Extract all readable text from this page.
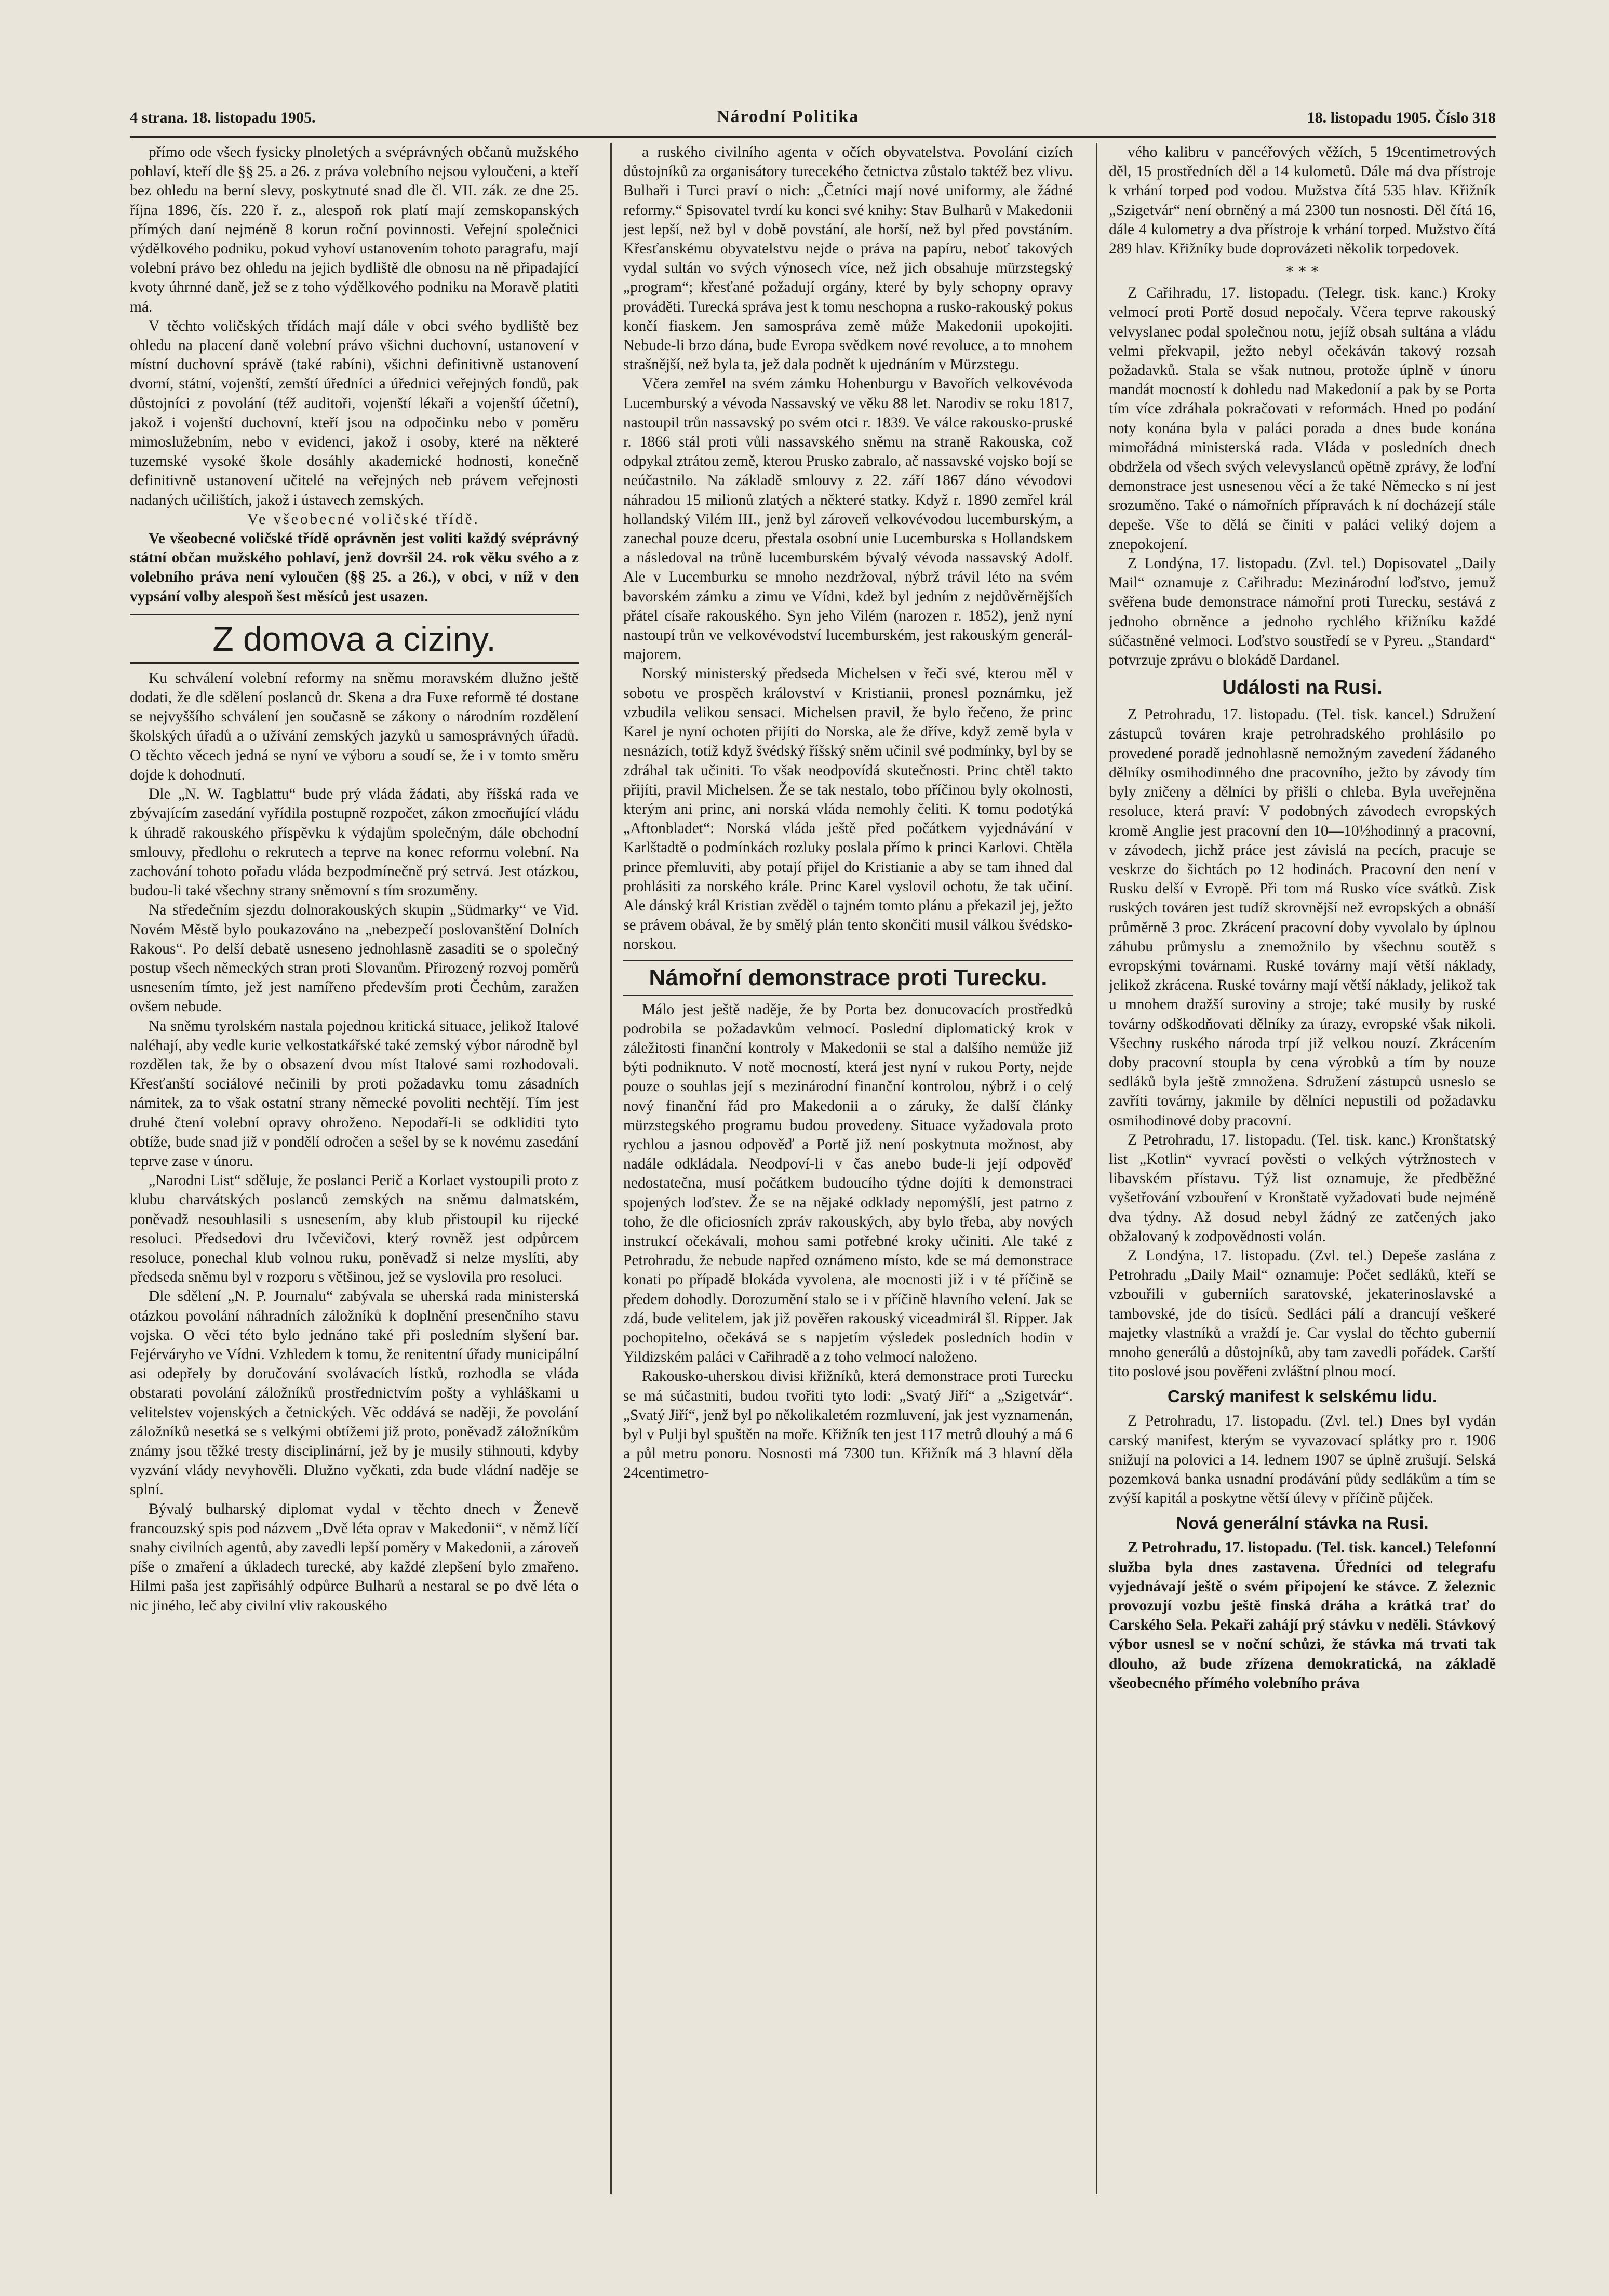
4 strana. 18. listopadu 1905.	Národní Politika	18. listopadu 1905. Číslo 318

přímo ode všech fysicky plnoletých a svéprávných občanů mužského pohlaví, kteří dle §§ 25. a 26. z práva volebního nejsou vyloučeni, a kteří bez ohledu na berní slevy, poskytnuté snad dle čl. VII. zák. ze dne 25. října 1896, čís. 220 ř. z., alespoň rok platí mají zemskopanských přímých daní nejméně 8 korun roční povinnosti. Veřejní společnici výdělkového podniku, pokud vyhoví ustanovením tohoto paragrafu, mají volební právo bez ohledu na jejich bydliště dle obnosu na ně připadající kvoty úhrnné daně, jež se z toho výdělkového podniku na Moravě platiti má.

V těchto voličských třídách mají dále v obci svého bydliště bez ohledu na placení daně volební právo všichni duchovní, ustanovení v místní duchovní správě (také rabíni), všichni definitivně ustanovení dvorní, státní, vojenští, zemští úředníci a úřednici veřejných fondů, pak důstojníci z povolání (též auditoři, vojenští lékaři a vojenští účetní), jakož i vojenští duchovní, kteří jsou na odpočinku nebo v poměru mimoslužebním, nebo v evidenci, jakož i osoby, které na některé tuzemské vysoké škole dosáhly akademické hodnosti, konečně definitivně ustanovení učitelé na veřejných neb právem veřejnosti nadaných učilištích, jakož i ústavech zemských.

Ve všeobecné voličské třídě.

Ve všeobecné voličské třídě oprávněn jest voliti každý svéprávný státní občan mužského pohlaví, jenž dovršil 24. rok věku svého a z volebního práva není vyloučen (§§ 25. a 26.), v obci, v níž v den vypsání volby alespoň šest měsíců jest usazen.

Z domova a ciziny.

Ku schválení volební reformy na sněmu moravském dlužno ještě dodati, že dle sdělení poslanců dr. Skena a dra Fuxe reformě té dostane se nejvyššího schválení jen současně se zákony o národním rozdělení školských úřadů a o užívání zemských jazyků u samosprávných úřadů. O těchto věcech jedná se nyní ve výboru a soudí se, že i v tomto směru dojde k dohodnutí.

Dle „N. W. Tagblattu“ bude prý vláda žádati, aby říšská rada ve zbývajícím zasedání vyřídila postupně rozpočet, zákon zmocňující vládu k úhradě rakouského příspěvku k výdajům společným, dále obchodní smlouvy, předlohu o rekrutech a teprve na konec reformu volební. Na zachování tohoto pořadu vláda bezpodmínečně prý setrvá. Jest otázkou, budou-li také všechny strany sněmovní s tím srozuměny.

Na středečním sjezdu dolnorakouských skupin „Südmarky“ ve Vid. Novém Městě bylo poukazováno na „nebezpečí poslovanštění Dolních Rakous“. Po delší debatě usneseno jednohlasně zasaditi se o společný postup všech německých stran proti Slovanům. Přirozený rozvoj poměrů usnesením tímto, jež jest namířeno především proti Čechům, zaražen ovšem nebude.

Na sněmu tyrolském nastala pojednou kritická situace, jelikož Italové naléhají, aby vedle kurie velkostatkářské také zemský výbor národně byl rozdělen tak, že by o obsazení dvou míst Italové sami rozhodovali. Křesťanští sociálové nečinili by proti požadavku tomu zásadních námitek, za to však ostatní strany německé povoliti nechtějí. Tím jest druhé čtení volební opravy ohroženo. Nepodaří-li se odkliditi tyto obtíže, bude snad již v pondělí odročen a sešel by se k novému zasedání teprve zase v únoru.

„Narodni List“ sděluje, že poslanci Perič a Korlaet vystoupili proto z klubu charvátských poslanců zemských na sněmu dalmatském, poněvadž nesouhlasili s usnesením, aby klub přistoupil ku rijecké resoluci. Předsedovi dru Ivčevičovi, který rovněž jest odpůrcem resoluce, ponechal klub volnou ruku, poněvadž si nelze myslíti, aby předseda sněmu byl v rozporu s většinou, jež se vyslovila pro resoluci.

Dle sdělení „N. P. Journalu“ zabývala se uherská rada ministerská otázkou povolání náhradních záložníků k doplnění presenčního stavu vojska. O věci této bylo jednáno také při posledním slyšení bar. Fejérváryho ve Vídni. Vzhledem k tomu, že renitentní úřady municipální asi odepřely by doručování svolávacích lístků, rozhodla se vláda obstarati povolání záložníků prostřednictvím pošty a vyhláškami u velitelstev vojenských a četnických. Věc oddává se naději, že povolání záložníků nesetká se s velkými obtížemi již proto, poněvadž záložníkům známy jsou těžké tresty disciplinární, jež by je musily stihnouti, kdyby vyzvání vlády nevyhověli. Dlužno vyčkati, zda bude vládní naděje se splní.

Bývalý bulharský diplomat vydal v těchto dnech v Ženevě francouzský spis pod názvem „Dvě léta oprav v Makedonii“, v němž líčí snahy civilních agentů, aby zavedli lepší poměry v Makedonii, a zároveň píše o zmaření a úkladech turecké, aby každé zlepšení bylo zmařeno. Hilmi paša jest zapřisáhlý odpůrce Bulharů a nestaral se po dvě léta o nic jiného, leč aby civilní vliv rakouského

a ruského civilního agenta v očích obyvatelstva. Povolání cizích důstojníků za organisátory turecekého četnictva zůstalo taktéž bez vlivu. Bulhaři i Turci praví o nich: „Četníci mají nové uniformy, ale žádné reformy.“ Spisovatel tvrdí ku konci své knihy: Stav Bulharů v Makedonii jest lepší, než byl v době povstání, ale horší, než byl před povstáním. Křesťanskému obyvatelstvu nejde o práva na papíru, neboť takových vydal sultán vo svých výnosech více, než jich obsahuje mürzstegský „program“; křesťané požadují orgány, které by byly schopny opravy prováděti. Turecká správa jest k tomu neschopna a rusko-rakouský pokus končí fiaskem. Jen samospráva země může Makedonii upokojiti. Nebude-li brzo dána, bude Evropa svědkem nové revoluce, a to mnohem strašnější, než byla ta, jež dala podnět k ujednáním v Mürzstegu.

Včera zemřel na svém zámku Hohenburgu v Bavořích velkovévoda Lucemburský a vévoda Nassavský ve věku 88 let. Narodiv se roku 1817, nastoupil trůn nassavský po svém otci r. 1839. Ve válce rakousko-pruské r. 1866 stál proti vůli nassavského sněmu na straně Rakouska, což odpykal ztrátou země, kterou Prusko zabralo, ač nassavské vojsko bojí se neúčastnilo. Na základě smlouvy z 22. září 1867 dáno vévodovi náhradou 15 milionů zlatých a některé statky. Když r. 1890 zemřel král hollandský Vilém III., jenž byl zároveň velkovévodou lucemburským, a zanechal pouze dceru, přestala osobní unie Lucemburska s Hollandskem a následoval na trůně lucemburském bývalý vévoda nassavský Adolf. Ale v Lucemburku se mnoho nezdržoval, nýbrž trávil léto na svém bavorském zámku a zimu ve Vídni, kdež byl jedním z nejdůvěrnějších přátel císaře rakouského. Syn jeho Vilém (narozen r. 1852), jenž nyní nastoupí trůn ve velkovévodství lucemburském, jest rakouským generál-majorem.

Norský ministerský předseda Michelsen v řeči své, kterou měl v sobotu ve prospěch království v Kristianii, pronesl poznámku, jež vzbudila velikou sensaci. Michelsen pravil, že bylo řečeno, že princ Karel je nyní ochoten přijíti do Norska, ale že dříve, když země byla v nesnázích, totiž když švédský říšský sněm učinil své podmínky, byl by se zdráhal tak učiniti. To však neodpovídá skutečnosti. Princ chtěl takto přijíti, pravil Michelsen. Že se tak nestalo, tobo příčinou byly okolnosti, kterým ani princ, ani norská vláda nemohly čeliti. K tomu podotýká „Aftonbladet“: Norská vláda ještě před počátkem vyjednávání v Karlštadtě o podmínkách rozluky poslala přímo k princi Karlovi. Chtěla prince přemluviti, aby potají přijel do Kristianie a aby se tam ihned dal prohlásiti za norského krále. Princ Karel vyslovil ochotu, že tak učiní. Ale dánský král Kristian zvěděl o tajném tomto plánu a překazil jej, ježto se právem obával, že by smělý plán tento skončiti musil válkou švédsko-norskou.

Námořní demonstrace proti Turecku.

Málo jest ještě naděje, že by Porta bez donucovacích prostředků podrobila se požadavkům velmocí. Poslední diplomatický krok v záležitosti finanční kontroly v Makedonii se stal a dalšího nemůže již býti podniknuto. V notě mocností, která jest nyní v rukou Porty, nejde pouze o souhlas její s mezinárodní finanční kontrolou, nýbrž i o celý nový finanční řád pro Makedonii a o záruky, že další články mürzstegského programu budou provedeny. Situace vyžadovala proto rychlou a jasnou odpověď a Portě již není poskytnuta možnost, aby nadále odkládala. Neodpoví-li v čas anebo bude-li její odpověď nedostatečna, musí počátkem budoucího týdne dojíti k demonstraci spojených loďstev. Že se na nějaké odklady nepomýšlí, jest patrno z toho, že dle oficiosních zpráv rakouských, aby bylo třeba, aby nových instrukcí očekávali, mohou sami potřebné kroky učiniti. Ale také z Petrohradu, že nebude napřed oznámeno místo, kde se má demonstrace konati po případě blokáda vyvolena, ale mocnosti již i v té příčině se předem dohodly. Dorozumění stalo se i v příčině hlavního velení. Jak se zdá, bude velitelem, jak již pověřen rakouský viceadmirál šl. Ripper. Jak pochopitelno, očekává se s napjetím výsledek posledních hodin v Yildizském paláci v Cařihradě a z toho velmocí naloženo.

Rakousko-uherskou divisi křižníků, která demonstrace proti Turecku se má súčastniti, budou tvořiti tyto lodi: „Svatý Jiří“ a „Szigetvár“. „Svatý Jiří“, jenž byl po několikaletém rozmluvení, jak jest vyznamenán, byl v Pulji byl spuštěn na moře. Křižník ten jest 117 metrů dlouhý a má 6 a půl metru ponoru. Nosnosti má 7300 tun. Křižník má 3 hlavní děla 24centimetro-

vého kalibru v pancéřových věžích, 5 19centimetrových děl, 15 prostředních děl a 14 kulometů. Dále má dva přístroje k vrhání torped pod vodou. Mužstva čítá 535 hlav. Křižník „Szigetvár“ není obrněný a má 2300 tun nosnosti. Děl čítá 16, dále 4 kulometry a dva přístroje k vrhání torped. Mužstvo čítá 289 hlav. Křižníky bude doprovázeti několik torpedovek.

* * *

Z Cařihradu, 17. listopadu. (Telegr. tisk. kanc.) Kroky velmocí proti Portě dosud nepočaly. Včera teprve rakouský velvyslanec podal společnou notu, jejíž obsah sultána a vládu velmi překvapil, ježto nebyl očekáván takový rozsah požadavků. Stala se však nutnou, protože úplně v únoru mandát mocností k dohledu nad Makedonií a pak by se Porta tím více zdráhala pokračovati v reformách. Hned po podání noty konána byla v paláci porada a dnes bude konána mimořádná ministerská rada. Vláda v posledních dnech obdržela od všech svých velevyslanců opětně zprávy, že loďní demonstrace jest usnesenou věcí a že také Německo s ní jest srozuměno. Také o námořních přípravách k ní docházejí stále depeše. Vše to dělá se činiti v paláci veliký dojem a znepokojení.

Z Londýna, 17. listopadu. (Zvl. tel.) Dopisovatel „Daily Mail“ oznamuje z Cařihradu: Mezinárodní loďstvo, jemuž svěřena bude demonstrace námořní proti Turecku, sestává z jednoho obrněnce a jednoho rychlého křižníku každé súčastněné velmoci. Loďstvo soustředí se v Pyreu. „Standard“ potvrzuje zprávu o blokádě Dardanel.

Události na Rusi.

Z Petrohradu, 17. listopadu. (Tel. tisk. kancel.) Sdružení zástupců továren kraje petrohradského prohlásilo po provedené poradě jednohlasně nemožným zavedení žádaného dělníky osmihodinného dne pracovního, ježto by závody tím byly zničeny a dělníci by přišli o chleba. Byla uveřejněna resoluce, která praví: V podobných závodech evropských kromě Anglie jest pracovní den 10—10½hodinný a pracovní, v závodech, jichž práce jest závislá na pecích, pracuje se veskrze do šichtách po 12 hodinách. Pracovní den není v Rusku delší v Evropě. Při tom má Rusko více svátků. Zisk ruských továren jest tudíž skrovnější než evropských a obnáší průměrně 3 proc. Zkrácení pracovní doby vyvolalo by úplnou záhubu průmyslu a znemožnilo by všechnu soutěž s evropskými továrnami. Ruské továrny mají větší náklady, jelikož zkrácena. Ruské továrny mají větší náklady, jelikož tak u mnohem dražší suroviny a stroje; také musily by ruské továrny odškodňovati dělníky za úrazy, evropské však nikoli. Všechny ruského národa trpí již velkou nouzí. Zkrácením doby pracovní stoupla by cena výrobků a tím by nouze sedláků byla ještě zmnožena. Sdružení zástupců usneslo se zavříti továrny, jakmile by dělníci nepustili od požadavku osmihodinové doby pracovní.

Z Petrohradu, 17. listopadu. (Tel. tisk. kanc.) Kronštatský list „Kotlin“ vyvrací pověsti o velkých výtržnostech v libavském přístavu. Týž list oznamuje, že předběžné vyšetřování vzbouření v Kronštatě vyžadovati bude nejméně dva týdny. Až dosud nebyl žádný ze zatčených jako obžalovaný k zodpovědnosti volán.

Z Londýna, 17. listopadu. (Zvl. tel.) Depeše zaslána z Petrohradu „Daily Mail“ oznamuje: Počet sedláků, kteří se vzbouřili v guberniích saratovské, jekaterinoslavské a tambovské, jde do tisíců. Sedláci pálí a drancují veškeré majetky vlastníků a vraždí je. Car vyslal do těchto gubernií mnoho generálů a důstojníků, aby tam zavedli pořádek. Carští tito poslové jsou pověřeni zvláštní plnou mocí.

Carský manifest k selskému lidu.

Z Petrohradu, 17. listopadu. (Zvl. tel.) Dnes byl vydán carský manifest, kterým se vyvazovací splátky pro r. 1906 snižují na polovici a 14. lednem 1907 se úplně zrušují. Selská pozemková banka usnadní prodávání půdy sedlákům a tím se zvýší kapitál a poskytne větší úlevy v příčině půjček.

Nová generální stávka na Rusi.

Z Petrohradu, 17. listopadu. (Tel. tisk. kancel.) Telefonní služba byla dnes zastavena. Úředníci od telegrafu vyjednávají ještě o svém připojení ke stávce. Z železnic provozují vozbu ještě finská dráha a krátká trať do Carského Sela. Pekaři zahájí prý stávku v neděli. Stávkový výbor usnesl se v noční schůzi, že stávka má trvati tak dlouho, až bude zřízena demokratická, na základě všeobecného přímého volebního práva
